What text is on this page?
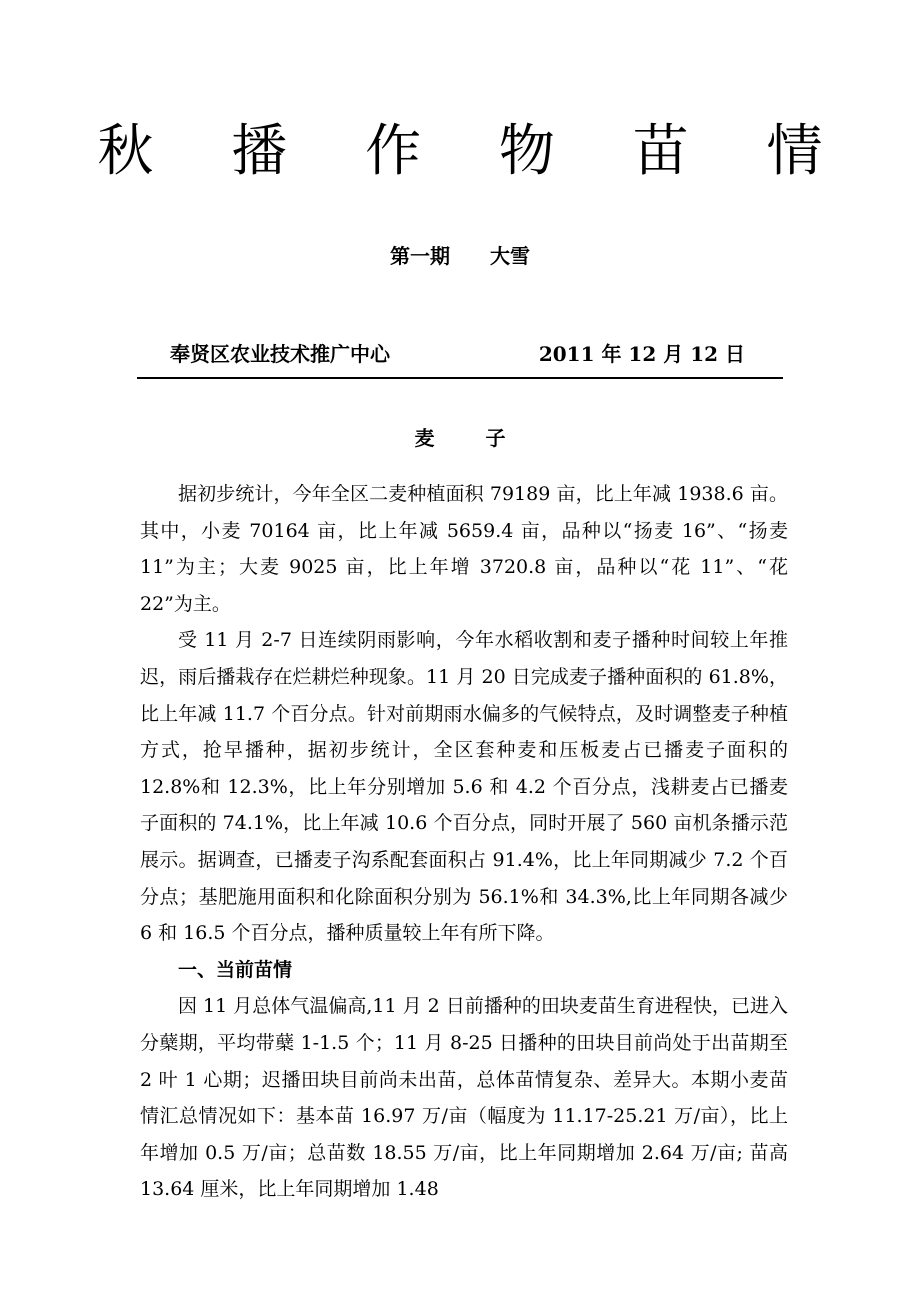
秋 播 作 物 苗 情
第一期 大雪
奉贤区农业技术推广中心	2011 年 12 月 12 日
麦 子

据初步统计，今年全区二麦种植面积 79189 亩，比上年减 1938.6 亩。其中，小麦 70164 亩，比上年减 5659.4 亩，品种以“扬麦 16”、“扬麦 11”为主；大麦 9025 亩，比上年增 3720.8 亩，品种以“花 11”、“花 22”为主。

受 11 月 2-7 日连续阴雨影响，今年水稻收割和麦子播种时间较上年推迟，雨后播栽存在烂耕烂种现象。11 月 20 日完成麦子播种面积的 61.8%，比上年减 11.7 个百分点。针对前期雨水偏多的气候特点，及时调整麦子种植方式，抢早播种，据初步统计，全区套种麦和压板麦占已播麦子面积的 12.8%和 12.3%，比上年分别增加 5.6 和 4.2 个百分点，浅耕麦占已播麦子面积的 74.1%，比上年减 10.6 个百分点，同时开展了 560 亩机条播示范展示。据调查，已播麦子沟系配套面积占 91.4%，比上年同期减少 7.2 个百分点；基肥施用面积和化除面积分别为 56.1%和 34.3%,比上年同期各减少 6 和 16.5 个百分点，播种质量较上年有所下降。

一、当前苗情

因 11 月总体气温偏高,11 月 2 日前播种的田块麦苗生育进程快，已进入分蘖期，平均带蘖 1-1.5 个；11 月 8-25 日播种的田块目前尚处于出苗期至 2 叶 1 心期；迟播田块目前尚未出苗，总体苗情复杂、差异大。本期小麦苗情汇总情况如下：基本苗 16.97 万/亩（幅度为 11.17-25.21 万/亩），比上年增加 0.5 万/亩；总苗数 18.55 万/亩，比上年同期增加 2.64 万/亩; 苗高 13.64 厘米，比上年同期增加 1.48
